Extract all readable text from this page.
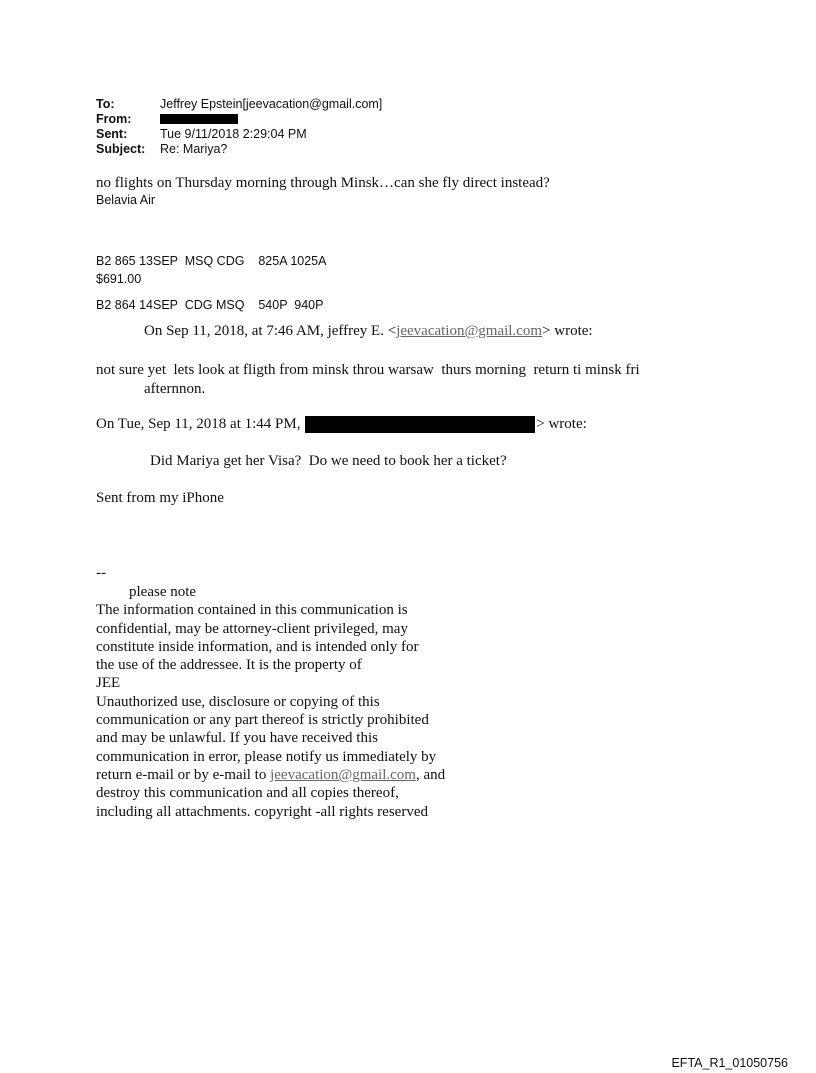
To:	Jeffrey Epstein[jeevacation@gmail.com]
From:
Sent:	Tue 9/11/2018 2:29:04 PM
Subject:	Re: Mariya?
no flights on Thursday morning through Minsk…can she fly direct instead?
Belavia Air

B2 865 13SEP  MSQ CDG    825A 1025A

B2 864 14SEP  CDG MSQ    540P  940P

$691.00
On Sep 11, 2018, at 7:46 AM, jeffrey E. <jeevacation@gmail.com> wrote:
not sure yet  lets look at fligth from minsk throu warsaw  thurs morning  return ti minsk fri
afternnon.
On Tue, Sep 11, 2018 at 1:44 PM,	> wrote:
Did Mariya get her Visa?  Do we need to book her a ticket?
Sent from my iPhone
--
please note
The information contained in this communication is
confidential, may be attorney-client privileged, may
constitute inside information, and is intended only for
the use of the addressee. It is the property of
JEE
Unauthorized use, disclosure or copying of this
communication or any part thereof is strictly prohibited
and may be unlawful. If you have received this
communication in error, please notify us immediately by
return e-mail or by e-mail to jeevacation@gmail.com, and
destroy this communication and all copies thereof,
including all attachments. copyright -all rights reserved
EFTA_R1_01050756
